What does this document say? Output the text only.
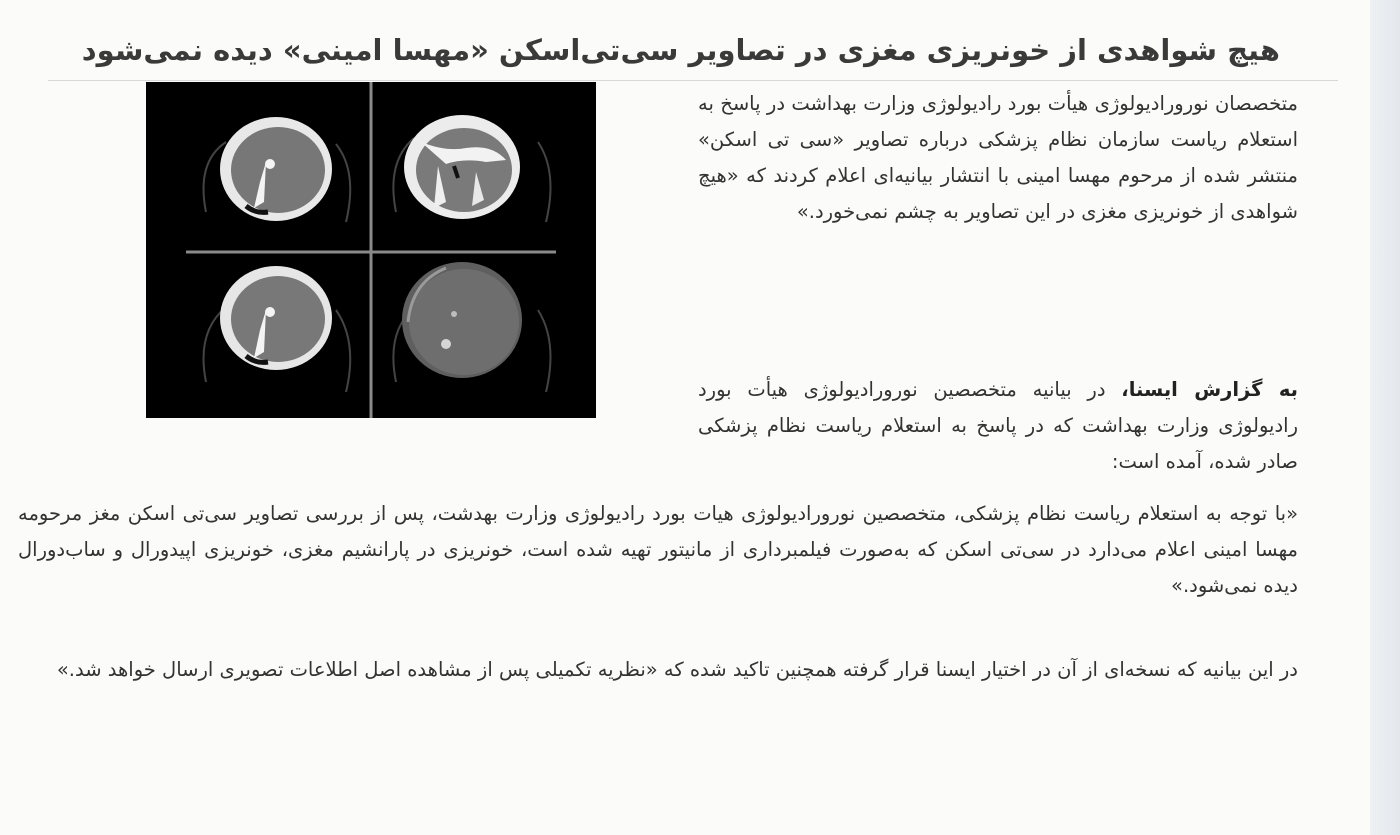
هیچ شواهدی از خونریزی مغزی در تصاویر سی‌تی‌اسکن «مهسا امینی» دیده نمی‌شود

متخصصان نورورادیولوژی هیأت بورد رادیولوژی وزارت بهداشت در پاسخ به استعلام ریاست سازمان نظام پزشکی درباره تصاویر «سی تی اسکن» منتشر شده از مرحوم مهسا امینی با انتشار بیانیه‌ای اعلام کردند که «هیچ شواهدی از خونریزی مغزی در این تصاویر به چشم نمی‌خورد.»

به گزارش ایسنا، در بیانیه متخصصین نورورادیولوژی هیأت بورد رادیولوژی وزارت بهداشت که در پاسخ به استعلام ریاست نظام پزشکی صادر شده، آمده است:

«با توجه به استعلام ریاست نظام پزشکی، متخصصین نورورادیولوژی هیات بورد رادیولوژی وزارت بهدشت، پس از بررسی تصاویر سی‌تی اسکن مغز مرحومه مهسا امینی اعلام می‌دارد در سی‌تی اسکن که به‌صورت فیلمبرداری از مانیتور تهیه شده است، خونریزی در پارانشیم مغزی، خونریزی اپیدورال و ساب‌دورال دیده نمی‌شود.»

در این بیانیه که نسخه‌ای از آن در اختیار ایسنا قرار گرفته همچنین تاکید شده که «نظریه تکمیلی پس از مشاهده اصل اطلاعات تصویری ارسال خواهد شد.»
